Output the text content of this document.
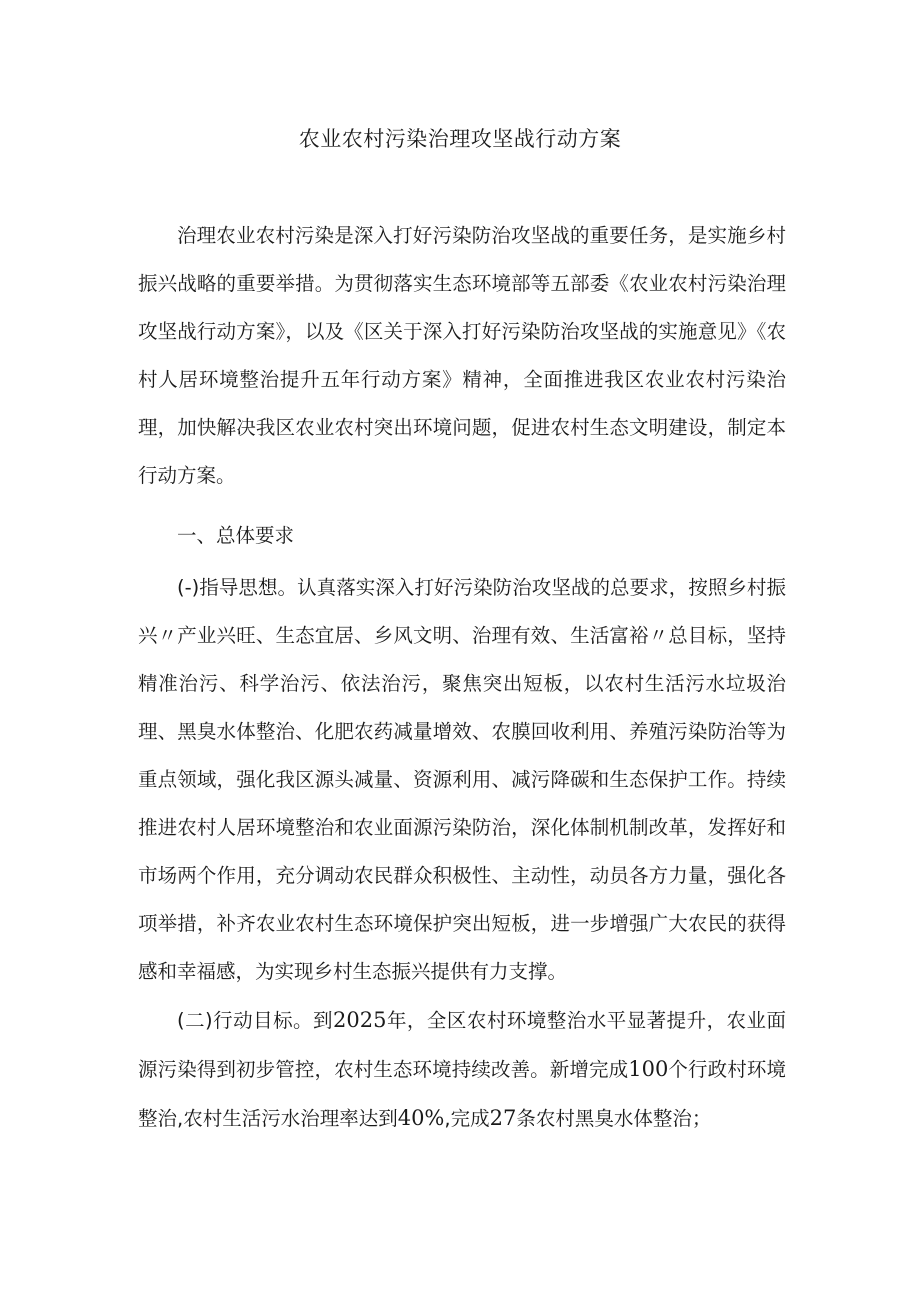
农业农村污染治理攻坚战行动方案

治理农业农村污染是深入打好污染防治攻坚战的重要任务，是实施乡村振兴战略的重要举措。为贯彻落实生态环境部等五部委《农业农村污染治理攻坚战行动方案》，以及《区关于深入打好污染防治攻坚战的实施意见》《农村人居环境整治提升五年行动方案》精神，全面推进我区农业农村污染治理，加快解决我区农业农村突出环境问题，促进农村生态文明建设，制定本行动方案。

一、总体要求

(-)指导思想。认真落实深入打好污染防治攻坚战的总要求，按照乡村振兴〃产业兴旺、生态宜居、乡风文明、治理有效、生活富裕〃总目标，坚持精准治污、科学治污、依法治污，聚焦突出短板，以农村生活污水垃圾治理、黑臭水体整治、化肥农药减量增效、农膜回收利用、养殖污染防治等为重点领域，强化我区源头减量、资源利用、减污降碳和生态保护工作。持续推进农村人居环境整治和农业面源污染防治，深化体制机制改革，发挥好和市场两个作用，充分调动农民群众积极性、主动性，动员各方力量，强化各项举措，补齐农业农村生态环境保护突出短板，进一步增强广大农民的获得感和幸福感，为实现乡村生态振兴提供有力支撑。

(二)行动目标。到2025年，全区农村环境整治水平显著提升，农业面源污染得到初步管控，农村生态环境持续改善。新增完成100个行政村环境整治,农村生活污水治理率达到40%,完成27条农村黑臭水体整治；
